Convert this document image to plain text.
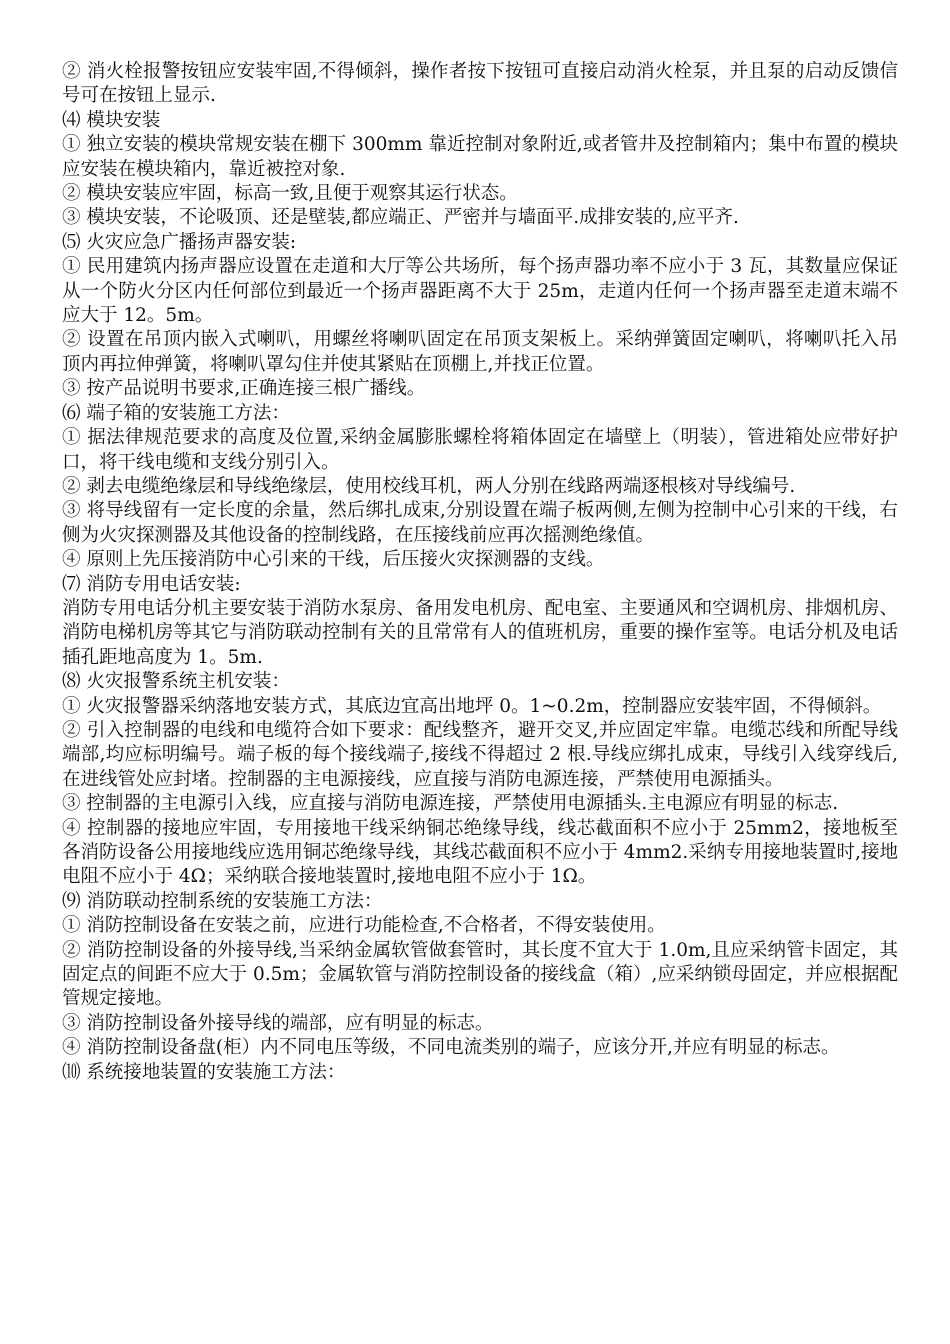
② 消火栓报警按钮应安装牢固,不得倾斜，操作者按下按钮可直接启动消火栓泵，并且泵的启动反馈信号可在按钮上显示.
⑷ 模块安装
① 独立安装的模块常规安装在棚下 300mm 靠近控制对象附近,或者管井及控制箱内；集中布置的模块应安装在模块箱内，靠近被控对象.
② 模块安装应牢固，标高一致,且便于观察其运行状态。
③ 模块安装，不论吸顶、还是壁装,都应端正、严密并与墙面平.成排安装的,应平齐.
⑸ 火灾应急广播扬声器安装:
① 民用建筑内扬声器应设置在走道和大厅等公共场所，每个扬声器功率不应小于 3 瓦，其数量应保证从一个防火分区内任何部位到最近一个扬声器距离不大于 25m，走道内任何一个扬声器至走道末端不应大于 12。5m。
② 设置在吊顶内嵌入式喇叭，用螺丝将喇叭固定在吊顶支架板上。采纳弹簧固定喇叭，将喇叭托入吊顶内再拉伸弹簧，将喇叭罩勾住并使其紧贴在顶棚上,并找正位置。
③ 按产品说明书要求,正确连接三根广播线。
⑹ 端子箱的安装施工方法：
① 据法律规范要求的高度及位置,采纳金属膨胀螺栓将箱体固定在墙壁上（明装），管进箱处应带好护口，将干线电缆和支线分别引入。
② 剥去电缆绝缘层和导线绝缘层，使用校线耳机，两人分别在线路两端逐根核对导线编号.
③ 将导线留有一定长度的余量，然后绑扎成束,分别设置在端子板两侧,左侧为控制中心引来的干线，右侧为火灾探测器及其他设备的控制线路，在压接线前应再次摇测绝缘值。
④ 原则上先压接消防中心引来的干线，后压接火灾探测器的支线。
⑺ 消防专用电话安装:
消防专用电话分机主要安装于消防水泵房、备用发电机房、配电室、主要通风和空调机房、排烟机房、消防电梯机房等其它与消防联动控制有关的且常常有人的值班机房，重要的操作室等。电话分机及电话插孔距地高度为 1。5m.
⑻ 火灾报警系统主机安装：
① 火灾报警器采纳落地安装方式，其底边宜高出地坪 0。1~0.2m，控制器应安装牢固，不得倾斜。
② 引入控制器的电线和电缆符合如下要求：配线整齐，避开交叉,并应固定牢靠。电缆芯线和所配导线端部,均应标明编号。端子板的每个接线端子,接线不得超过 2 根.导线应绑扎成束，导线引入线穿线后,在进线管处应封堵。控制器的主电源接线，应直接与消防电源连接，严禁使用电源插头。
③ 控制器的主电源引入线，应直接与消防电源连接，严禁使用电源插头.主电源应有明显的标志.
④ 控制器的接地应牢固，专用接地干线采纳铜芯绝缘导线，线芯截面积不应小于 25mm2，接地板至各消防设备公用接地线应选用铜芯绝缘导线，其线芯截面积不应小于 4mm2.采纳专用接地装置时,接地电阻不应小于 4Ω；采纳联合接地装置时,接地电阻不应小于 1Ω。
⑼ 消防联动控制系统的安装施工方法：
① 消防控制设备在安装之前，应进行功能检查,不合格者，不得安装使用。
② 消防控制设备的外接导线,当采纳金属软管做套管时，其长度不宜大于 1.0m,且应采纳管卡固定，其固定点的间距不应大于 0.5m；金属软管与消防控制设备的接线盒（箱）,应采纳锁母固定，并应根据配管规定接地。
③ 消防控制设备外接导线的端部，应有明显的标志。
④ 消防控制设备盘(柜）内不同电压等级，不同电流类别的端子，应该分开,并应有明显的标志。
⑽ 系统接地装置的安装施工方法：
